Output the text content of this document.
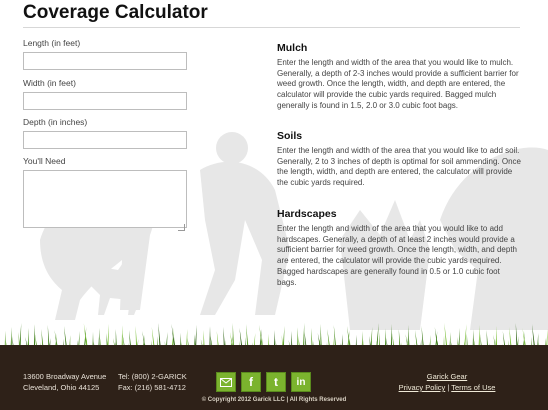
Coverage Calculator
Length (in feet)
Width (in feet)
Depth (in inches)
You'll Need
Mulch

Enter the length and width of the area that you would like to mulch. Generally, a depth of 2-3 inches would provide a sufficient barrier for weed growth. Once the length, width, and depth are entered, the calculator will provide the cubic yards required. Bagged mulch generally is found in 1.5, 2.0 or 3.0 cubic foot bags.

Soils

Enter the length and width of the area that you would like to add soil. Generally, 2 to 3 inches of depth is optimal for soil ammending. Once the length, width, and depth are entered, the calculator will provide the cubic yards required.

Hardscapes

Enter the length and width of the area that you would like to add hardscapes. Generally, a depth of at least 2 inches would provide a sufficient barrier for weed growth. Once the length, width, and depth are entered, the calculator will provide the cubic yards required. Bagged hardscapes are generally found in 0.5 or 1.0 cubic foot bags.

13600 Broadway Avenue
Cleveland, Ohio 44125
Tel: (800) 2-GARICK
Fax: (216) 581-4712	f	t	in	Garick Gear
Privacy Policy | Terms of Use
© Copyright 2012 Garick LLC | All Rights Reserved
